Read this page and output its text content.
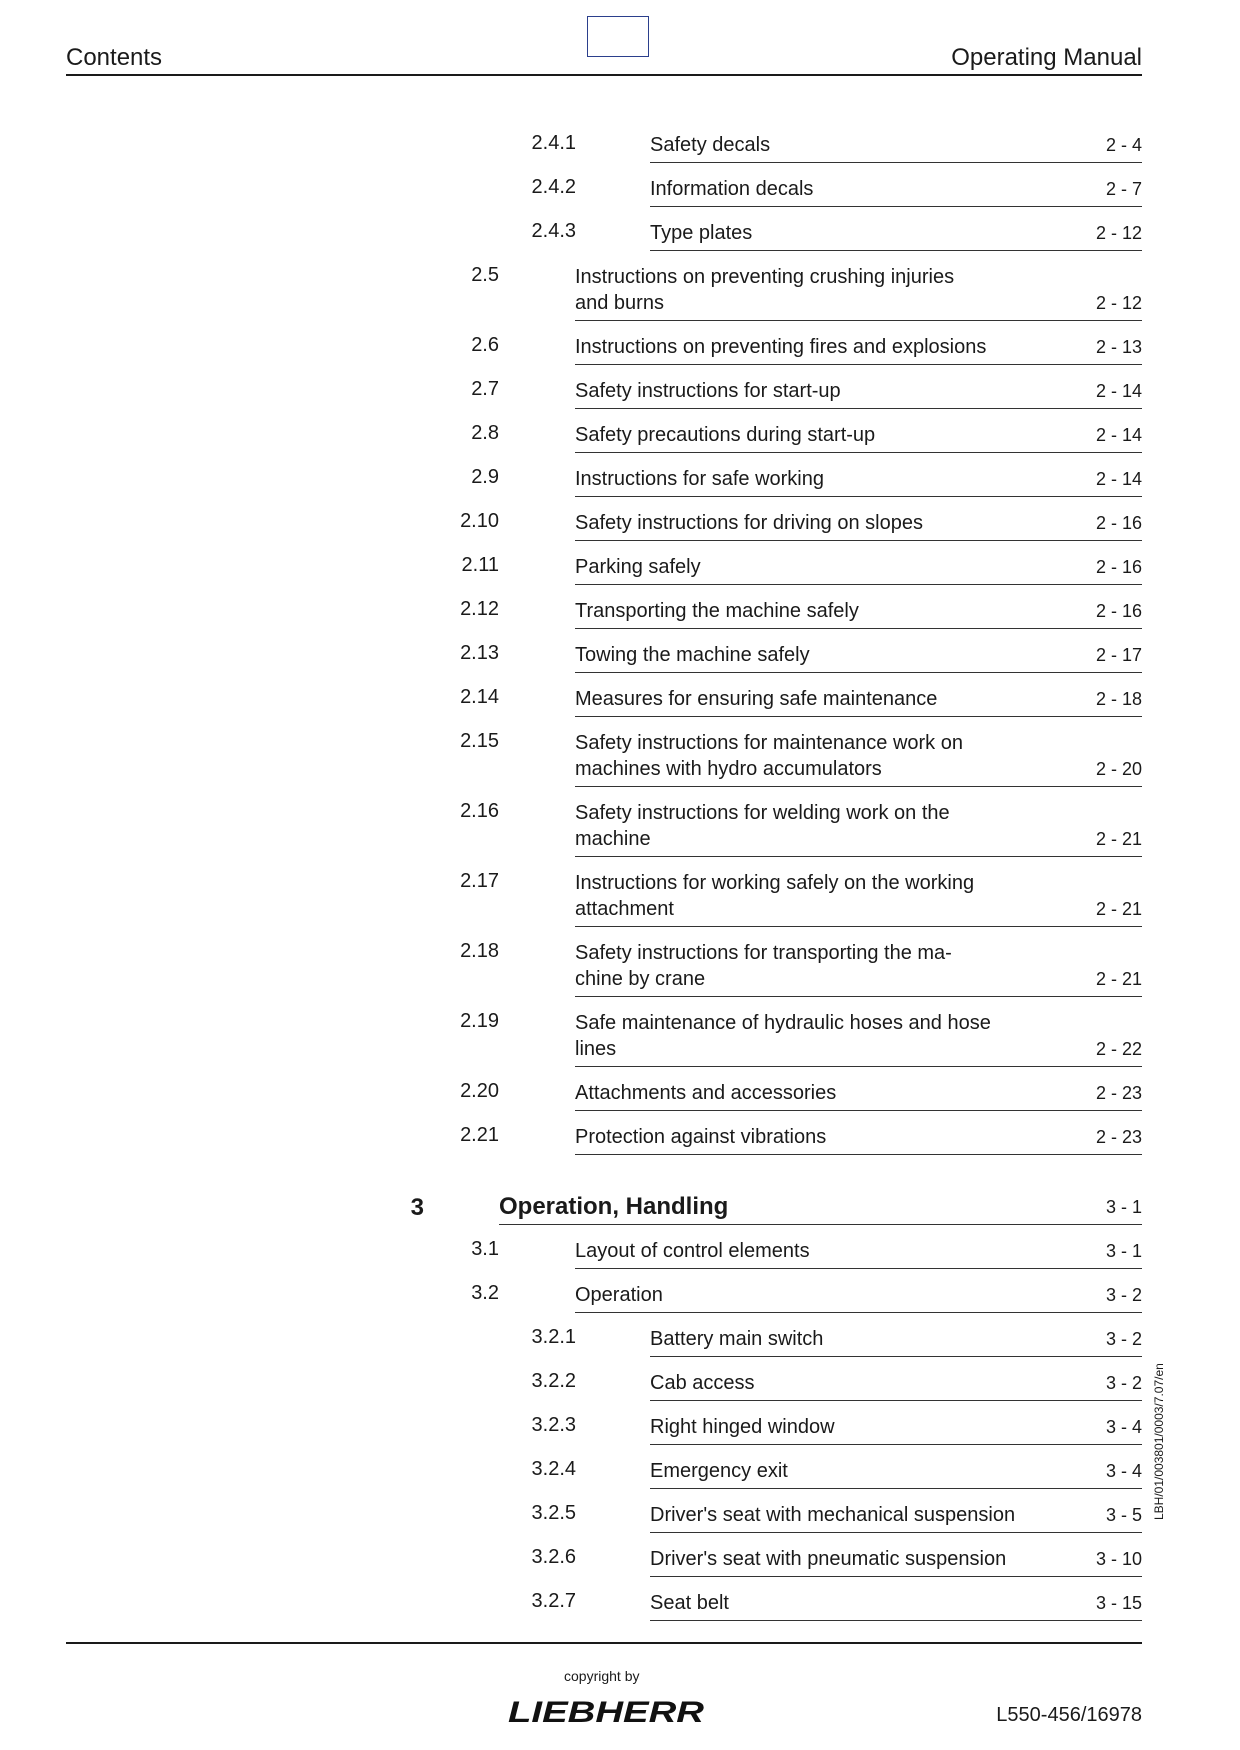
Contents	Operating Manual
2.4.1	Safety decals	2 - 4
2.4.2	Information decals	2 - 7
2.4.3	Type plates	2 - 12
2.5	Instructions on preventing crushing injuries
and burns	2 - 12
2.6	Instructions on preventing fires and explosions	2 - 13
2.7	Safety instructions for start-up	2 - 14
2.8	Safety precautions during start-up	2 - 14
2.9	Instructions for safe working	2 - 14
2.10	Safety instructions for driving on slopes	2 - 16
2.11	Parking safely	2 - 16
2.12	Transporting the machine safely	2 - 16
2.13	Towing the machine safely	2 - 17
2.14	Measures for ensuring safe maintenance	2 - 18
2.15	Safety instructions for maintenance work on
machines with hydro accumulators	2 - 20
2.16	Safety instructions for welding work on the
machine	2 - 21
2.17	Instructions for working safely on the working
attachment	2 - 21
2.18	Safety instructions for transporting the ma-
chine by crane	2 - 21
2.19	Safe maintenance of hydraulic hoses and hose
lines	2 - 22
2.20	Attachments and accessories	2 - 23
2.21	Protection against vibrations	2 - 23
3	Operation, Handling	3 - 1
3.1	Layout of control elements	3 - 1
3.2	Operation	3 - 2
3.2.1	Battery main switch	3 - 2
3.2.2	Cab access	3 - 2
3.2.3	Right hinged window	3 - 4
3.2.4	Emergency exit	3 - 4
3.2.5	Driver's seat with mechanical suspension	3 - 5
3.2.6	Driver's seat with pneumatic suspension	3 - 10
3.2.7	Seat belt	3 - 15
LBH/01/003801/0003/7.07/en
copyright by
LIEBHERR	L550-456/16978
